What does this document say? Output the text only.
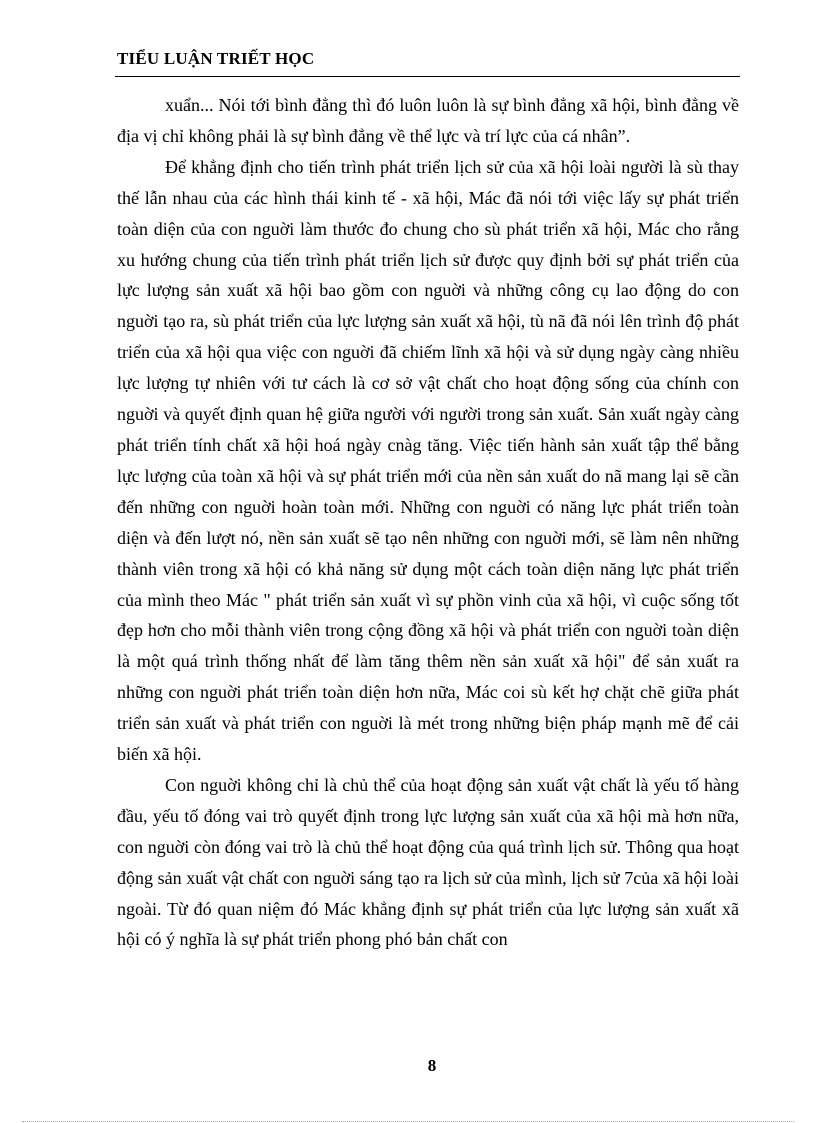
TIỂU LUẬN TRIẾT HỌC

xuẩn... Nói tới bình đẳng thì đó luôn luôn là sự bình đẳng xã hội, bình đẳng về địa vị chỉ không phải là sự bình đẳng về thể lực và trí lực của cá nhân”.

Để khẳng định cho tiến trình phát triển lịch sử của xã hội loài người là sù thay thế lẫn nhau của các hình thái kinh tế - xã hội, Mác đã nói tới việc lấy sự phát triển toàn diện của con nguời làm thước đo chung cho sù phát triển xã hội, Mác cho rằng xu hướng chung của tiến trình phát triển lịch sử được quy định bởi sự phát triển của lực lượng sản xuất xã hội bao gồm con nguời và những công cụ lao động do con nguời tạo ra, sù phát triển của lực lượng sản xuất xã hội, tù nã đã nói lên trình độ phát triển của xã hội qua việc con nguời đã chiếm lĩnh xã hội và sử dụng ngày càng nhiều lực lượng tự nhiên với tư cách là cơ sở vật chất cho hoạt động sống của chính con nguời và quyết định quan hệ giữa người với người trong sản xuất. Sản xuất ngày càng phát triển tính chất xã hội hoá ngày cnàg tăng. Việc tiến hành sản xuất tập thể bằng lực lượng của toàn xã hội và sự phát triển mới của nền sản xuất do nã mang lại sẽ cần đến những con nguời hoàn toàn mới. Những con nguời có năng lực phát triển toàn diện và đến lượt nó, nền sản xuất sẽ tạo nên những con nguời mới, sẽ làm nên những thành viên trong xã hội có khả năng sử dụng một cách toàn diện năng lực phát triển của mình theo Mác " phát triển sản xuất vì sự phồn vinh của xã hội, vì cuộc sống tốt đẹp hơn cho mỗi thành viên trong cộng đồng xã hội và phát triển con nguời toàn diện là một quá trình thống nhất để làm tăng thêm nền sản xuất xã hội" để sản xuất ra những con nguời phát triển toàn diện hơn nữa, Mác coi sù kết hợ chặt chẽ giữa phát triển sản xuất và phát triển con nguời là mét trong những biện pháp mạnh mẽ để cải biến xã hội.

Con nguời không chỉ là chủ thể của hoạt động sản xuất vật chất là yếu tố hàng đầu, yếu tố đóng vai trò quyết định trong lực lượng sản xuất của xã hội mà hơn nữa, con nguời còn đóng vai trò là chủ thể hoạt động của quá trình lịch sử. Thông qua hoạt động sản xuất vật chất con nguời sáng tạo ra lịch sử của mình, lịch sử 7của xã hội loài ngoài. Từ đó quan niệm đó Mác khẳng định sự phát triển của lực lượng sản xuất xã hội có ý nghĩa là sự phát triển phong phó bản chất con

8
